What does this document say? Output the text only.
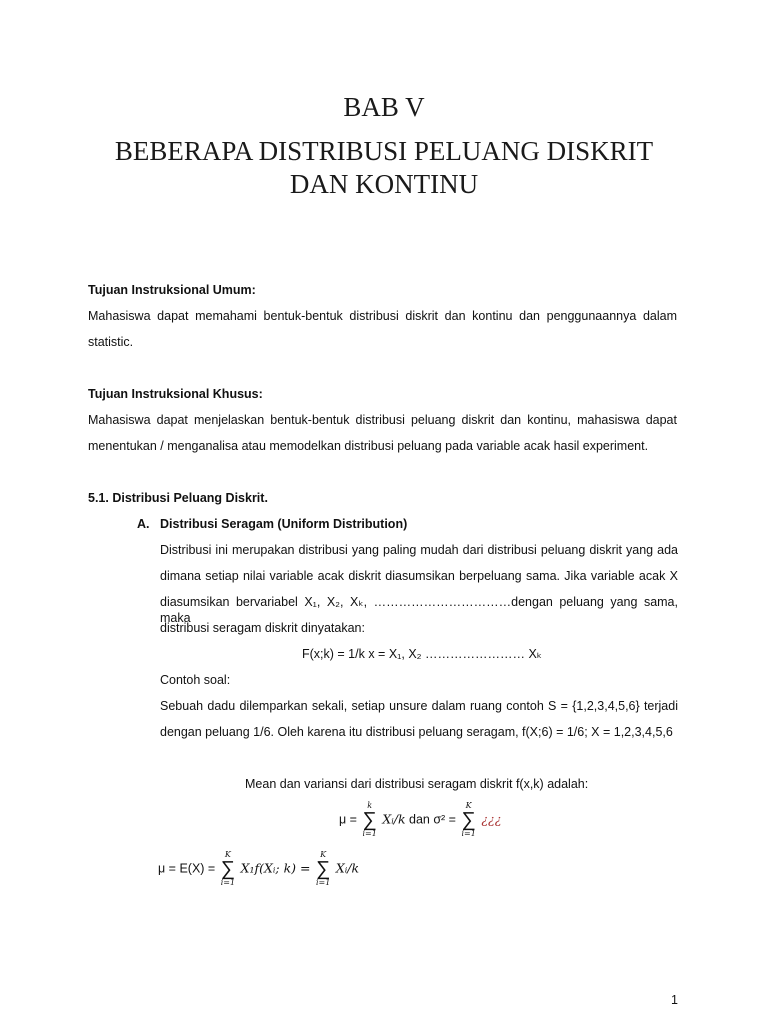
BAB V
BEBERAPA DISTRIBUSI PELUANG DISKRIT
DAN KONTINU
Tujuan Instruksional Umum:
Mahasiswa dapat memahami bentuk-bentuk distribusi diskrit dan kontinu dan penggunaannya dalam
statistic.
Tujuan Instruksional Khusus:
Mahasiswa dapat menjelaskan bentuk-bentuk distribusi peluang diskrit dan kontinu, mahasiswa dapat
menentukan / menganalisa atau memodelkan distribusi peluang pada variable acak hasil experiment.
5.1. Distribusi Peluang Diskrit.
A. Distribusi Seragam (Uniform Distribution)
Distribusi ini merupakan distribusi yang paling mudah dari distribusi peluang diskrit yang ada
dimana setiap nilai variable acak diskrit diasumsikan berpeluang sama. Jika variable acak X
diasumsikan bervariabel X₁, X₂, Xₖ, ……………………………dengan peluang yang sama, maka
distribusi seragam diskrit dinyatakan:
F(x;k) = 1/k x = X₁, X₂ …………………… Xₖ
Contoh soal:
Sebuah dadu dilemparkan sekali, setiap unsure dalam ruang contoh S = {1,2,3,4,5,6} terjadi
dengan peluang 1/6. Oleh karena itu distribusi peluang seragam, f(X;6) = 1/6; X = 1,2,3,4,5,6
Mean dan variansi dari distribusi seragam diskrit f(x,k) adalah:
μ =
k
∑
i=1
Xᵢ/k dan σ² =
K
∑
i=1
¿¿¿
μ = E(X) =
K
∑
i=1
X₁f(Xᵢ; k) =
K
∑
i=1
Xᵢ/k
1
